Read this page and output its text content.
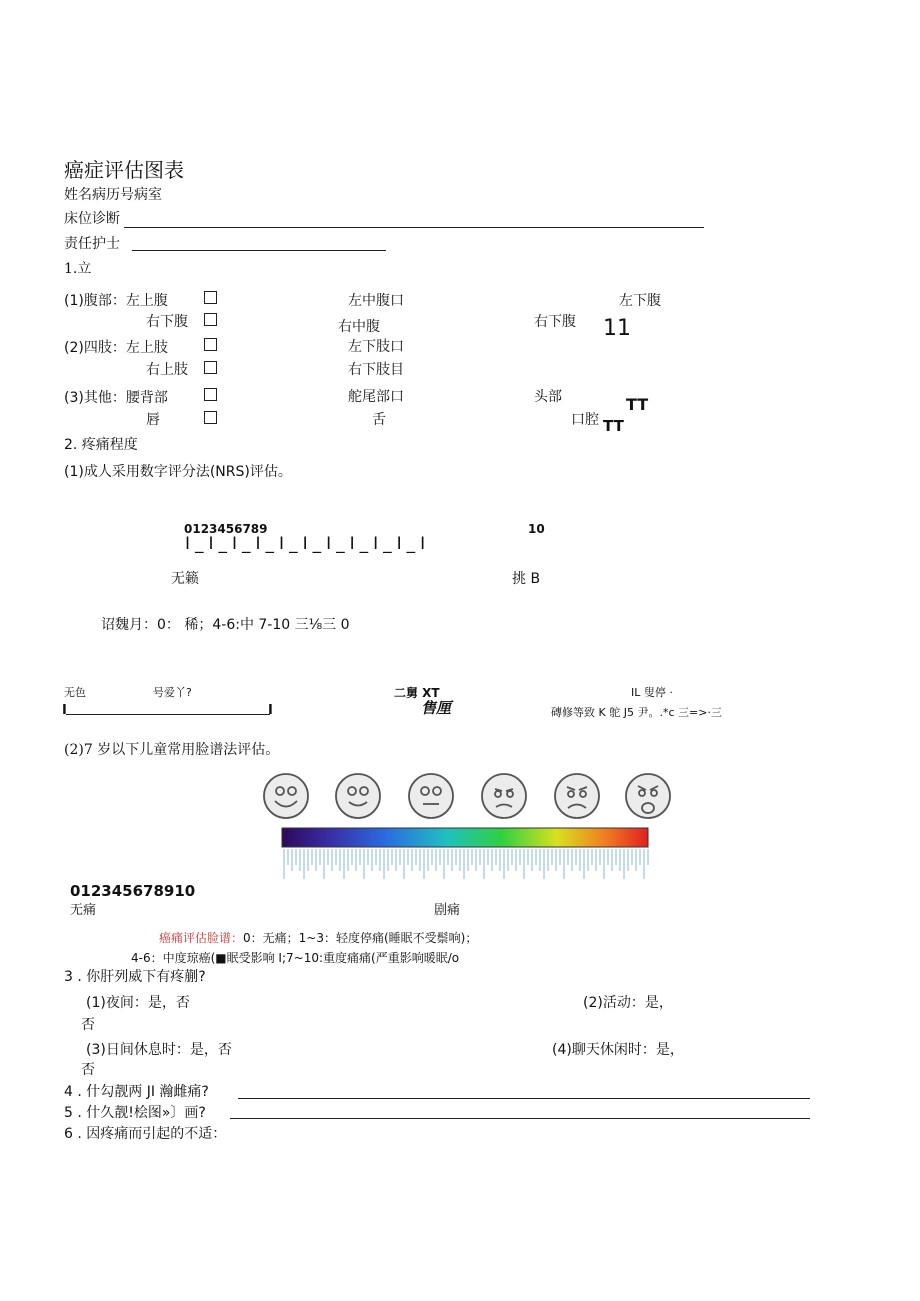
癌症评估图表
姓名病历号病室
床位诊断
责任护士
1.立
(1)腹部：左上腹	左中腹口	左下腹
右下腹	右中腹	右下腹 11
(2)四肢：左上肢	左下肢口
右上肢	右下肢目
(3)其他：腰背部	舵尾部口	头部	TT
唇	舌	口腔 TT
2. 疼痛程度
(1)成人采用数字评分法(NRS)评估。
0123456789	10
I_I_I_I_I_I_I_I_I_I_I
无籁	挑 B
诏魏月：0： 稀；4-6:中 7-10 三⅛三 0
无色	号爱丫?	二舅 XT	IL 叟停 ·
I	I	售厘	磚修等致 K 鸵 J5 尹。.*c 三=>·三
(2)7 岁以下儿童常用脸谱法评估。
012345678910
无痛	剧痛
癌痛评估脸谱：0：无痛；1~3：轻度停痛(睡眠不受鬃响)；
4-6：中度琼癌(■眠受影响 I;7~10:重度痛痛(严重影响暖眠/o
3 . 你肝列威下有疼蒯?
(1)夜间：是，否	(2)活动：是，
否
(3)日间休息时：是，否	(4)聊天休闲时：是，
否
4 . 什勾靓两 JI 瀚雌痛?
5 . 什久靓!桧图»〕画?
6 . 因疼痛而引起的不适：
